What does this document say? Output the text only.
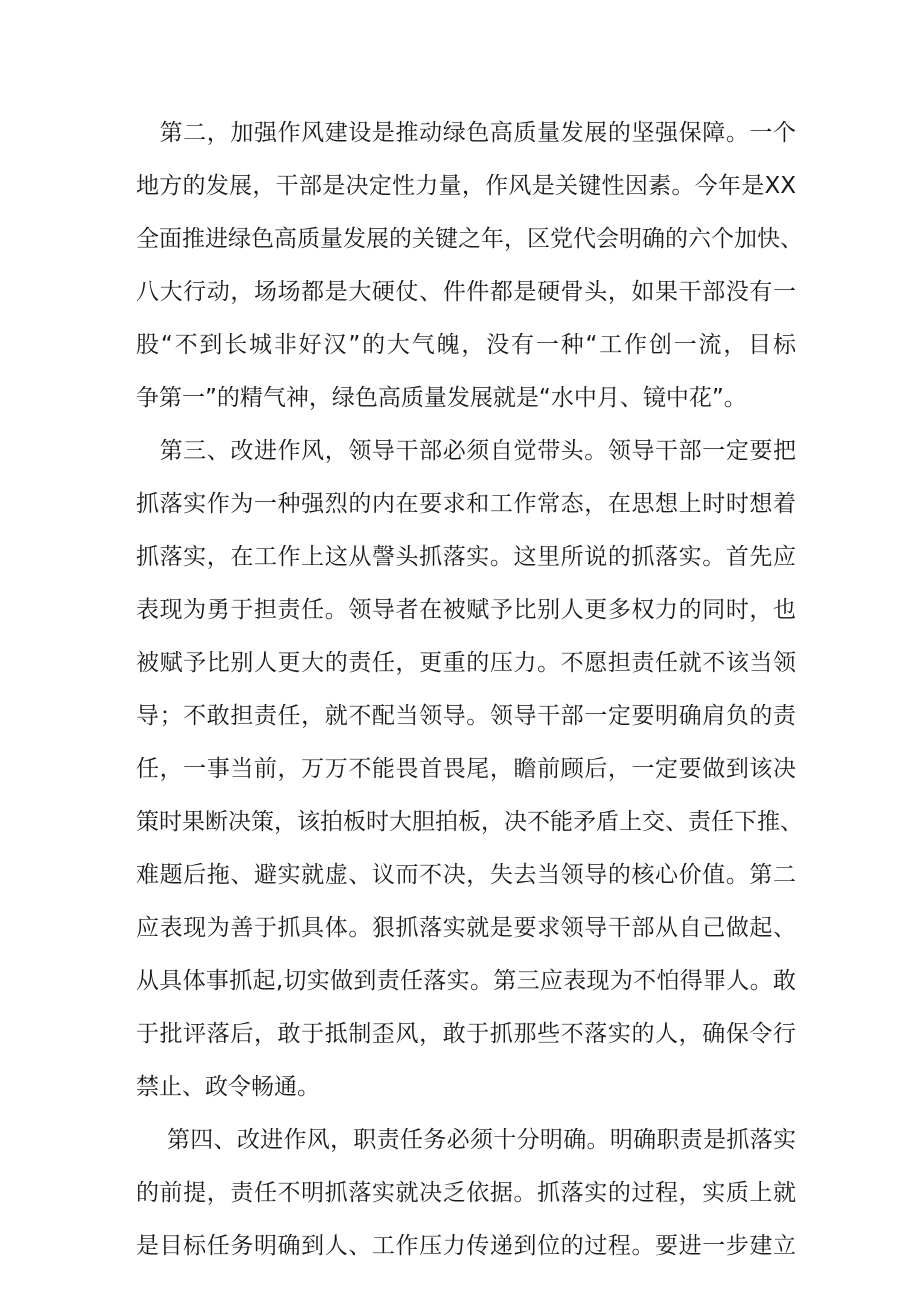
　第二，加强作风建设是推动绿色高质量发展的坚强保障。一个
地方的发展，干部是决定性力量，作风是关键性因素。今年是XX
全面推进绿色高质量发展的关键之年，区党代会明确的六个加快、
八大行动，场场都是大硬仗、件件都是硬骨头，如果干部没有一
股“不到长城非好汉”的大气魄，没有一种“工作创一流，目标
争第一”的精气神，绿色高质量发展就是“水中月、镜中花”。
　第三、改进作风，领导干部必须自觉带头。领导干部一定要把
抓落实作为一种强烈的内在要求和工作常态，在思想上时时想着
抓落实，在工作上这从謦头抓落实。这里所说的抓落实。首先应
表现为勇于担责任。领导者在被赋予比别人更多权力的同时，也
被赋予比别人更大的责任，更重的压力。不愿担责任就不该当领
导；不敢担责任，就不配当领导。领导干部一定要明确肩负的责
任，一事当前，万万不能畏首畏尾，瞻前顾后，一定要做到该决
策时果断决策，该拍板时大胆拍板，决不能矛盾上交、责任下推、
难题后拖、避实就虚、议而不决，失去当领导的核心价值。第二
应表现为善于抓具体。狠抓落实就是要求领导干部从自己做起、
从具体事抓起,切实做到责任落实。第三应表现为不怕得罪人。敢
于批评落后，敢于抵制歪风，敢于抓那些不落实的人，确保令行
禁止、政令畅通。
　 第四、改进作风，职责任务必须十分明确。明确职责是抓落实
的前提，责任不明抓落实就决乏依据。抓落实的过程，实质上就
是目标任务明确到人、工作压力传递到位的过程。要进一步建立
